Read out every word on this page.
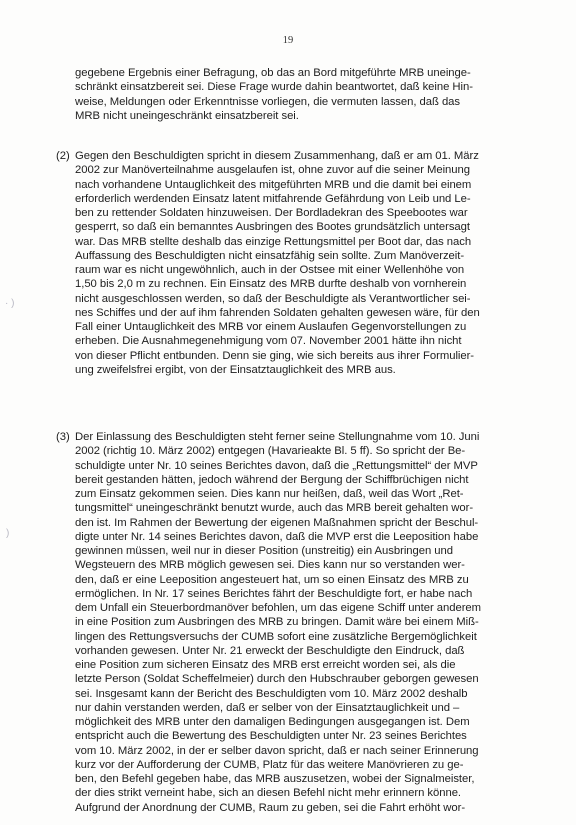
19

gegebene Ergebnis einer Befragung, ob das an Bord mitgeführte MRB uneinge-

schränkt einsatzbereit sei. Diese Frage wurde dahin beantwortet, daß keine Hin-

weise, Meldungen oder Erkenntnisse vorliegen, die vermuten lassen, daß das

MRB nicht uneingeschränkt einsatzbereit sei.

(2) Gegen den Beschuldigten spricht in diesem Zusammenhang, daß er am 01. März

2002 zur Manöverteilnahme ausgelaufen ist, ohne zuvor auf die seiner Meinung

nach vorhandene Untauglichkeit des mitgeführten MRB und die damit bei einem

erforderlich werdenden Einsatz latent mitfahrende Gefährdung von Leib und Le-

ben zu rettender Soldaten hinzuweisen. Der Bordladekran des Speebootes war

gesperrt, so daß ein bemanntes Ausbringen des Bootes grundsätzlich untersagt

war. Das MRB stellte deshalb das einzige Rettungsmittel per Boot dar, das nach

Auffassung des Beschuldigten nicht einsatzfähig sein sollte. Zum Manöverzeit-

raum war es nicht ungewöhnlich, auch in der Ostsee mit einer Wellenhöhe von

1,50 bis 2,0 m zu rechnen. Ein Einsatz des MRB durfte deshalb von vornherein

nicht ausgeschlossen werden, so daß der Beschuldigte als Verantwortlicher sei-

nes Schiffes und der auf ihm fahrenden Soldaten gehalten gewesen wäre, für den

Fall einer Untauglichkeit des MRB vor einem Auslaufen Gegenvorstellungen zu

erheben. Die Ausnahmegenehmigung vom 07. November 2001 hätte ihn nicht

von dieser Pflicht entbunden. Denn sie ging, wie sich bereits aus ihrer Formulier-

ung zweifelsfrei ergibt, von der Einsatztauglichkeit des MRB aus.

(3) Der Einlassung des Beschuldigten steht ferner seine Stellungnahme vom 10. Juni

2002 (richtig 10. März 2002) entgegen (Havarieakte Bl. 5 ff). So spricht der Be-

schuldigte unter Nr. 10 seines Berichtes davon, daß die „Rettungsmittel“ der MVP

bereit gestanden hätten, jedoch während der Bergung der Schiffbrüchigen nicht

zum Einsatz gekommen seien. Dies kann nur heißen, daß, weil das Wort „Ret-

tungsmittel“ uneingeschränkt benutzt wurde, auch das MRB bereit gehalten wor-

den ist. Im Rahmen der Bewertung der eigenen Maßnahmen spricht der Beschul-

digte unter Nr. 14 seines Berichtes davon, daß die MVP erst die Leeposition habe

gewinnen müssen, weil nur in dieser Position (unstreitig) ein Ausbringen und

Wegsteuern des MRB möglich gewesen sei. Dies kann nur so verstanden wer-

den, daß er eine Leeposition angesteuert hat, um so einen Einsatz des MRB zu

ermöglichen. In Nr. 17 seines Berichtes fährt der Beschuldigte fort, er habe nach

dem Unfall ein Steuerbordmanöver befohlen, um das eigene Schiff unter anderem

in eine Position zum Ausbringen des MRB zu bringen. Damit wäre bei einem Miß-

lingen des Rettungsversuchs der CUMB sofort eine zusätzliche Bergemöglichkeit

vorhanden gewesen. Unter Nr. 21 erweckt der Beschuldigte den Eindruck, daß

eine Position zum sicheren Einsatz des MRB erst erreicht worden sei, als die

letzte Person (Soldat Scheffelmeier) durch den Hubschrauber geborgen gewesen

sei. Insgesamt kann der Bericht des Beschuldigten vom 10. März 2002 deshalb

nur dahin verstanden werden, daß er selber von der Einsatztauglichkeit und –

möglichkeit des MRB unter den damaligen Bedingungen ausgegangen ist. Dem

entspricht auch die Bewertung des Beschuldigten unter Nr. 23 seines Berichtes

vom 10. März 2002, in der er selber davon spricht, daß er nach seiner Erinnerung

kurz vor der Aufforderung der CUMB, Platz für das weitere Manövrieren zu ge-

ben, den Befehl gegeben habe, das MRB auszusetzen, wobei der Signalmeister,

der dies strikt verneint habe, sich an diesen Befehl nicht mehr erinnern könne.

Aufgrund der Anordnung der CUMB, Raum zu geben, sei die Fahrt erhöht wor-

· )
)
